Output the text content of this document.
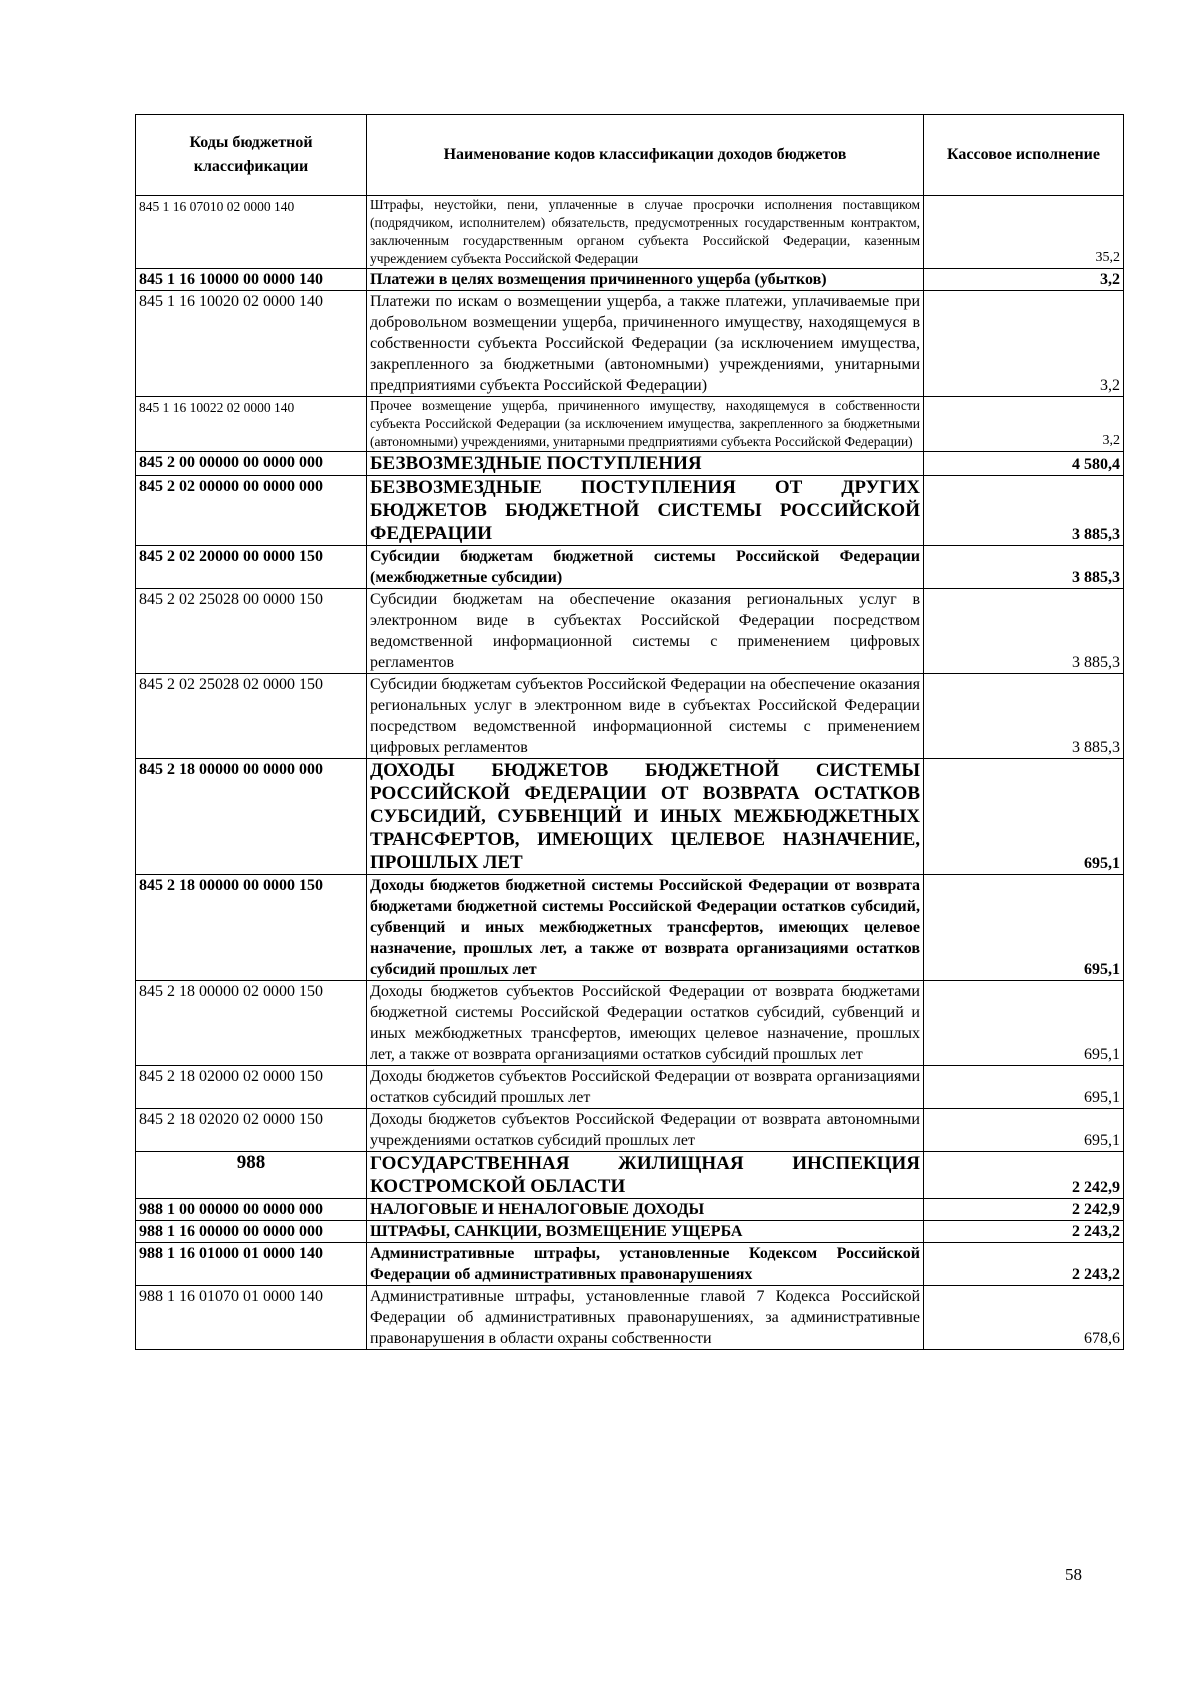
Коды бюджетной классификации	Наименование кодов классификации доходов бюджетов	Кассовое исполнение
845 1 16 07010 02 0000 140	Штрафы, неустойки, пени, уплаченные в случае просрочки исполнения поставщиком (подрядчиком, исполнителем) обязательств, предусмотренных государственным контрактом, заключенным государственным органом субъекта Российской Федерации, казенным учреждением субъекта Российской Федерации	35,2
845 1 16 10000 00 0000 140	Платежи в целях возмещения причиненного ущерба (убытков)	3,2
845 1 16 10020 02 0000 140	Платежи по искам о возмещении ущерба, а также платежи, уплачиваемые при добровольном возмещении ущерба, причиненного имуществу, находящемуся в собственности субъекта Российской Федерации (за исключением имущества, закрепленного за бюджетными (автономными) учреждениями, унитарными предприятиями субъекта Российской Федерации)	3,2
845 1 16 10022 02 0000 140	Прочее возмещение ущерба, причиненного имуществу, находящемуся в собственности субъекта Российской Федерации (за исключением имущества, закрепленного за бюджетными (автономными) учреждениями, унитарными предприятиями субъекта Российской Федерации)	3,2
845 2 00 00000 00 0000 000	БЕЗВОЗМЕЗДНЫЕ ПОСТУПЛЕНИЯ	4 580,4
845 2 02 00000 00 0000 000	БЕЗВОЗМЕЗДНЫЕ ПОСТУПЛЕНИЯ ОТ ДРУГИХ БЮДЖЕТОВ БЮДЖЕТНОЙ СИСТЕМЫ РОССИЙСКОЙ ФЕДЕРАЦИИ	3 885,3
845 2 02 20000 00 0000 150	Субсидии бюджетам бюджетной системы Российской Федерации (межбюджетные субсидии)	3 885,3
845 2 02 25028 00 0000 150	Субсидии бюджетам на обеспечение оказания региональных услуг в электронном виде в субъектах Российской Федерации посредством ведомственной информационной системы с применением цифровых регламентов	3 885,3
845 2 02 25028 02 0000 150	Субсидии бюджетам субъектов Российской Федерации на обеспечение оказания региональных услуг в электронном виде в субъектах Российской Федерации посредством ведомственной информационной системы с применением цифровых регламентов	3 885,3
845 2 18 00000 00 0000 000	ДОХОДЫ БЮДЖЕТОВ БЮДЖЕТНОЙ СИСТЕМЫ РОССИЙСКОЙ ФЕДЕРАЦИИ ОТ ВОЗВРАТА ОСТАТКОВ СУБСИДИЙ, СУБВЕНЦИЙ И ИНЫХ МЕЖБЮДЖЕТНЫХ ТРАНСФЕРТОВ, ИМЕЮЩИХ ЦЕЛЕВОЕ НАЗНАЧЕНИЕ, ПРОШЛЫХ ЛЕТ	695,1
845 2 18 00000 00 0000 150	Доходы бюджетов бюджетной системы Российской Федерации от возврата бюджетами бюджетной системы Российской Федерации остатков субсидий, субвенций и иных межбюджетных трансфертов, имеющих целевое назначение, прошлых лет, а также от возврата организациями остатков субсидий прошлых лет	695,1
845 2 18 00000 02 0000 150	Доходы бюджетов субъектов Российской Федерации от возврата бюджетами бюджетной системы Российской Федерации остатков субсидий, субвенций и иных межбюджетных трансфертов, имеющих целевое назначение, прошлых лет, а также от возврата организациями остатков субсидий прошлых лет	695,1
845 2 18 02000 02 0000 150	Доходы бюджетов субъектов Российской Федерации от возврата организациями остатков субсидий прошлых лет	695,1
845 2 18 02020 02 0000 150	Доходы бюджетов субъектов Российской Федерации от возврата автономными учреждениями остатков субсидий прошлых лет	695,1
988	ГОСУДАРСТВЕННАЯ ЖИЛИЩНАЯ ИНСПЕКЦИЯ КОСТРОМСКОЙ ОБЛАСТИ	2 242,9
988 1 00 00000 00 0000 000	НАЛОГОВЫЕ И НЕНАЛОГОВЫЕ ДОХОДЫ	2 242,9
988 1 16 00000 00 0000 000	ШТРАФЫ, САНКЦИИ, ВОЗМЕЩЕНИЕ УЩЕРБА	2 243,2
988 1 16 01000 01 0000 140	Административные штрафы, установленные Кодексом Российской Федерации об административных правонарушениях	2 243,2
988 1 16 01070 01 0000 140	Административные штрафы, установленные главой 7 Кодекса Российской Федерации об административных правонарушениях, за административные правонарушения в области охраны собственности	678,6
58
